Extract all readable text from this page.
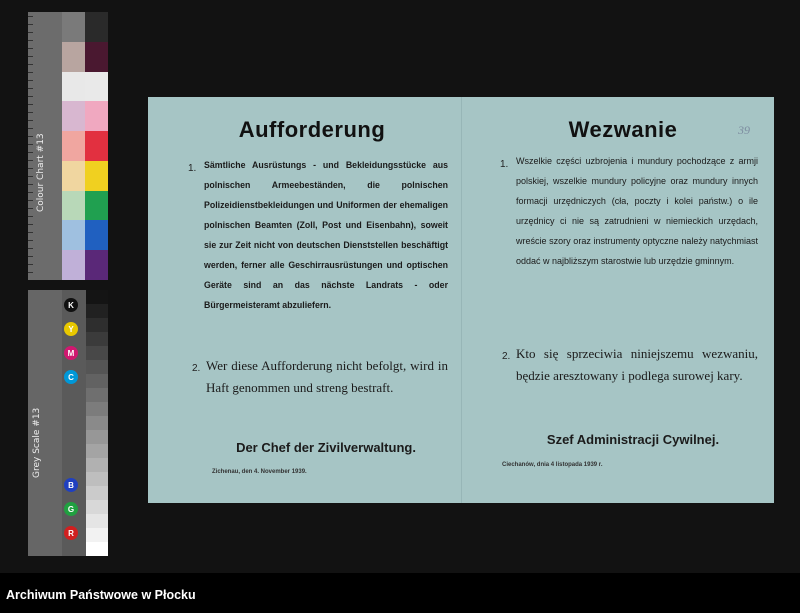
Colour Chart #13
Grey Scale #13
K
Y
M
C
B
G
R
39
Aufforderung
1. Sämtliche Ausrüstungs - und Bekleidungsstücke aus polnischen Armeebeständen, die polnischen Polizeidienstbekleidungen und Uniformen der ehemaligen polnischen Beamten (Zoll, Post und Eisenbahn), soweit sie zur Zeit nicht von deutschen Dienststellen beschäftigt werden, ferner alle Geschirrausrüstungen und optischen Geräte sind an das nächste Landrats - oder Bürgermeisteramt abzuliefern.
2. Wer diese Aufforderung nicht befolgt, wird in Haft genommen und streng bestraft.
Der Chef der Zivilverwaltung.
Zichenau, den 4. November 1939.
Wezwanie
1. Wszelkie części uzbrojenia i mundury pochodzące z armji polskiej, wszelkie mundury policyjne oraz mundury innych formacji urzędniczych (cła, poczty i kolei państw.) o ile urzędnicy ci nie są zatrudnieni w niemieckich urzędach, wreście szory oraz instrumenty optyczne należy natychmiast oddać w najbliższym starostwie lub urzędzie gminnym.
2. Kto się sprzeciwia niniejszemu wezwaniu, będzie aresztowany i podlega surowej kary.
Szef Administracji Cywilnej.
Ciechanów, dnia 4 listopada 1939 r.
Archiwum Państwowe w Płocku
